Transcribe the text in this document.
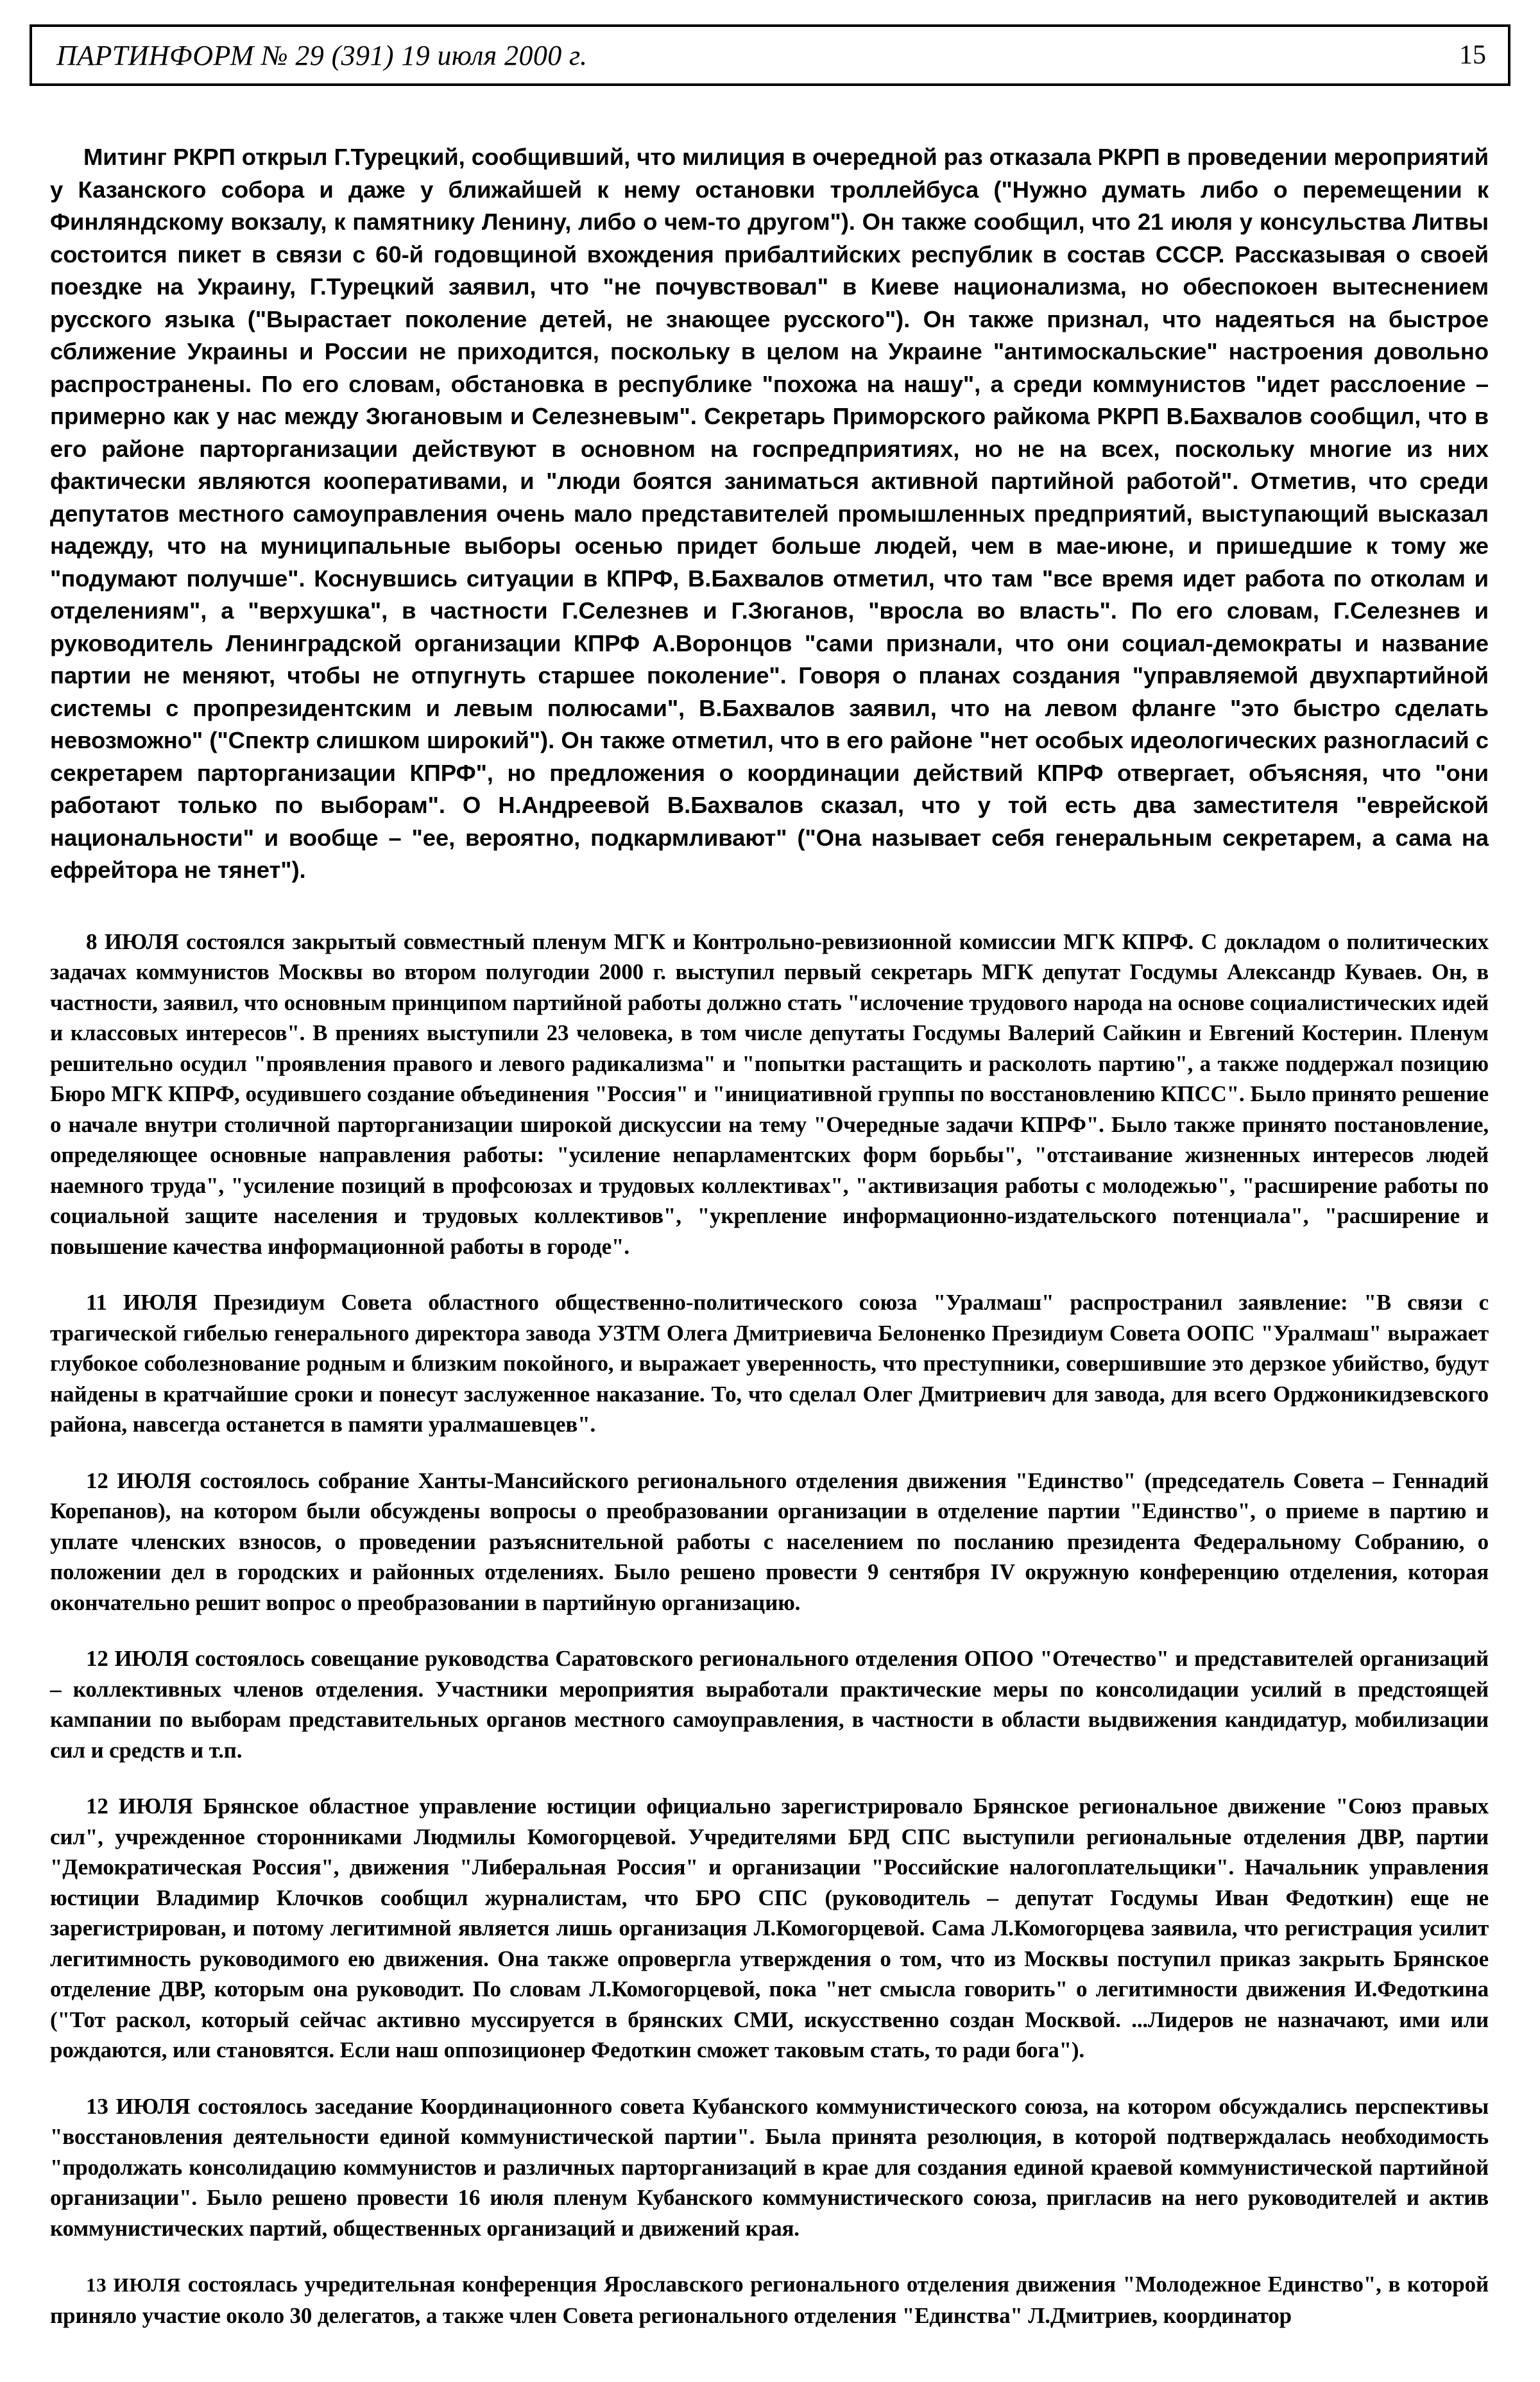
ПАРТИНФОРМ № 29 (391) 19 июля 2000 г.	15

Митинг РКРП открыл Г.Турецкий, сообщивший, что милиция в очередной раз отказала РКРП в проведении мероприятий у Казанского собора и даже у ближайшей к нему остановки троллейбуса ("Нужно думать либо о перемещении к Финляндскому вокзалу, к памятнику Ленину, либо о чем-то другом"). Он также сообщил, что 21 июля у консульства Литвы состоится пикет в связи с 60-й годовщиной вхождения прибалтийских республик в состав СССР. Рассказывая о своей поездке на Украину, Г.Турецкий заявил, что "не почувствовал" в Киеве национализма, но обеспокоен вытеснением русского языка ("Вырастает поколение детей, не знающее русского"). Он также признал, что надеяться на быстрое сближение Украины и России не приходится, поскольку в целом на Украине "антимоскальские" настроения довольно распространены. По его словам, обстановка в республике "похожа на нашу", а среди коммунистов "идет расслоение – примерно как у нас между Зюгановым и Селезневым". Секретарь Приморского райкома РКРП В.Бахвалов сообщил, что в его районе парторганизации действуют в основном на госпредприятиях, но не на всех, поскольку многие из них фактически являются кооперативами, и "люди боятся заниматься активной партийной работой". Отметив, что среди депутатов местного самоуправления очень мало представителей промышленных предприятий, выступающий высказал надежду, что на муниципальные выборы осенью придет больше людей, чем в мае-июне, и пришедшие к тому же "подумают получше". Коснувшись ситуации в КПРФ, В.Бахвалов отметил, что там "все время идет работа по отколам и отделениям", а "верхушка", в частности Г.Селезнев и Г.Зюганов, "вросла во власть". По его словам, Г.Селезнев и руководитель Ленинградской организации КПРФ А.Воронцов "сами признали, что они социал-демократы и название партии не меняют, чтобы не отпугнуть старшее поколение". Говоря о планах создания "управляемой двухпартийной системы с пропрезидентским и левым полюсами", В.Бахвалов заявил, что на левом фланге "это быстро сделать невозможно" ("Спектр слишком широкий"). Он также отметил, что в его районе "нет особых идеологических разногласий с секретарем парторганизации КПРФ", но предложения о координации действий КПРФ отвергает, объясняя, что "они работают только по выборам". О Н.Андреевой В.Бахвалов сказал, что у той есть два заместителя "еврейской национальности" и вообще – "ее, вероятно, подкармливают" ("Она называет себя генеральным секретарем, а сама на ефрейтора не тянет").

8 ИЮЛЯ состоялся закрытый совместный пленум МГК и Контрольно-ревизионной комиссии МГК КПРФ. С докладом о политических задачах коммунистов Москвы во втором полугодии 2000 г. выступил первый секретарь МГК депутат Госдумы Александр Куваев. Он, в частности, заявил, что основным принципом партийной работы должно стать "ислочение трудового народа на основе социалистических идей и классовых интересов". В прениях выступили 23 человека, в том числе депутаты Госдумы Валерий Сайкин и Евгений Костерин. Пленум решительно осудил "проявления правого и левого радикализма" и "попытки растащить и расколоть партию", а также поддержал позицию Бюро МГК КПРФ, осудившего создание объединения "Россия" и "инициативной группы по восстановлению КПСС". Было принято решение о начале внутри столичной парторганизации широкой дискуссии на тему "Очередные задачи КПРФ". Было также принято постановление, определяющее основные направления работы: "усиление непарламентских форм борьбы", "отстаивание жизненных интересов людей наемного труда", "усиление позиций в профсоюзах и трудовых коллективах", "активизация работы с молодежью", "расширение работы по социальной защите населения и трудовых коллективов", "укрепление информационно-издательского потенциала", "расширение и повышение качества информационной работы в городе".

11 ИЮЛЯ Президиум Совета областного общественно-политического союза "Уралмаш" распространил заявление: "В связи с трагической гибелью генерального директора завода УЗТМ Олега Дмитриевича Белоненко Президиум Совета ООПС "Уралмаш" выражает глубокое соболезнование родным и близким покойного, и выражает уверенность, что преступники, совершившие это дерзкое убийство, будут найдены в кратчайшие сроки и понесут заслуженное наказание. То, что сделал Олег Дмитриевич для завода, для всего Орджоникидзевского района, навсегда останется в памяти уралмашевцев".

12 ИЮЛЯ состоялось собрание Ханты-Мансийского регионального отделения движения "Единство" (председатель Совета – Геннадий Корепанов), на котором были обсуждены вопросы о преобразовании организации в отделение партии "Единство", о приеме в партию и уплате членских взносов, о проведении разъяснительной работы с населением по посланию президента Федеральному Собранию, о положении дел в городских и районных отделениях. Было решено провести 9 сентября IV окружную конференцию отделения, которая окончательно решит вопрос о преобразовании в партийную организацию.

12 ИЮЛЯ состоялось совещание руководства Саратовского регионального отделения ОПОО "Отечество" и представителей организаций – коллективных членов отделения. Участники мероприятия выработали практические меры по консолидации усилий в предстоящей кампании по выборам представительных органов местного самоуправления, в частности в области выдвижения кандидатур, мобилизации сил и средств и т.п.

12 ИЮЛЯ Брянское областное управление юстиции официально зарегистрировало Брянское региональное движение "Союз правых сил", учрежденное сторонниками Людмилы Комогорцевой. Учредителями БРД СПС выступили региональные отделения ДВР, партии "Демократическая Россия", движения "Либеральная Россия" и организации "Российские налогоплательщики". Начальник управления юстиции Владимир Клочков сообщил журналистам, что БРО СПС (руководитель – депутат Госдумы Иван Федоткин) еще не зарегистрирован, и потому легитимной является лишь организация Л.Комогорцевой. Сама Л.Комогорцева заявила, что регистрация усилит легитимность руководимого ею движения. Она также опровергла утверждения о том, что из Москвы поступил приказ закрыть Брянское отделение ДВР, которым она руководит. По словам Л.Комогорцевой, пока "нет смысла говорить" о легитимности движения И.Федоткина ("Тот раскол, который сейчас активно муссируется в брянских СМИ, искусственно создан Москвой. ...Лидеров не назначают, ими или рождаются, или становятся. Если наш оппозиционер Федоткин сможет таковым стать, то ради бога").

13 ИЮЛЯ состоялось заседание Координационного совета Кубанского коммунистического союза, на котором обсуждались перспективы "восстановления деятельности единой коммунистической партии". Была принята резолюция, в которой подтверждалась необходимость "продолжать консолидацию коммунистов и различных парторганизаций в крае для создания единой краевой коммунистической партийной организации". Было решено провести 16 июля пленум Кубанского коммунистического союза, пригласив на него руководителей и актив коммунистических партий, общественных организаций и движений края.

13 ИЮЛЯ состоялась учредительная конференция Ярославского регионального отделения движения "Молодежное Единство", в которой приняло участие около 30 делегатов, а также член Совета регионального отделения "Единства" Л.Дмитриев, координатор
